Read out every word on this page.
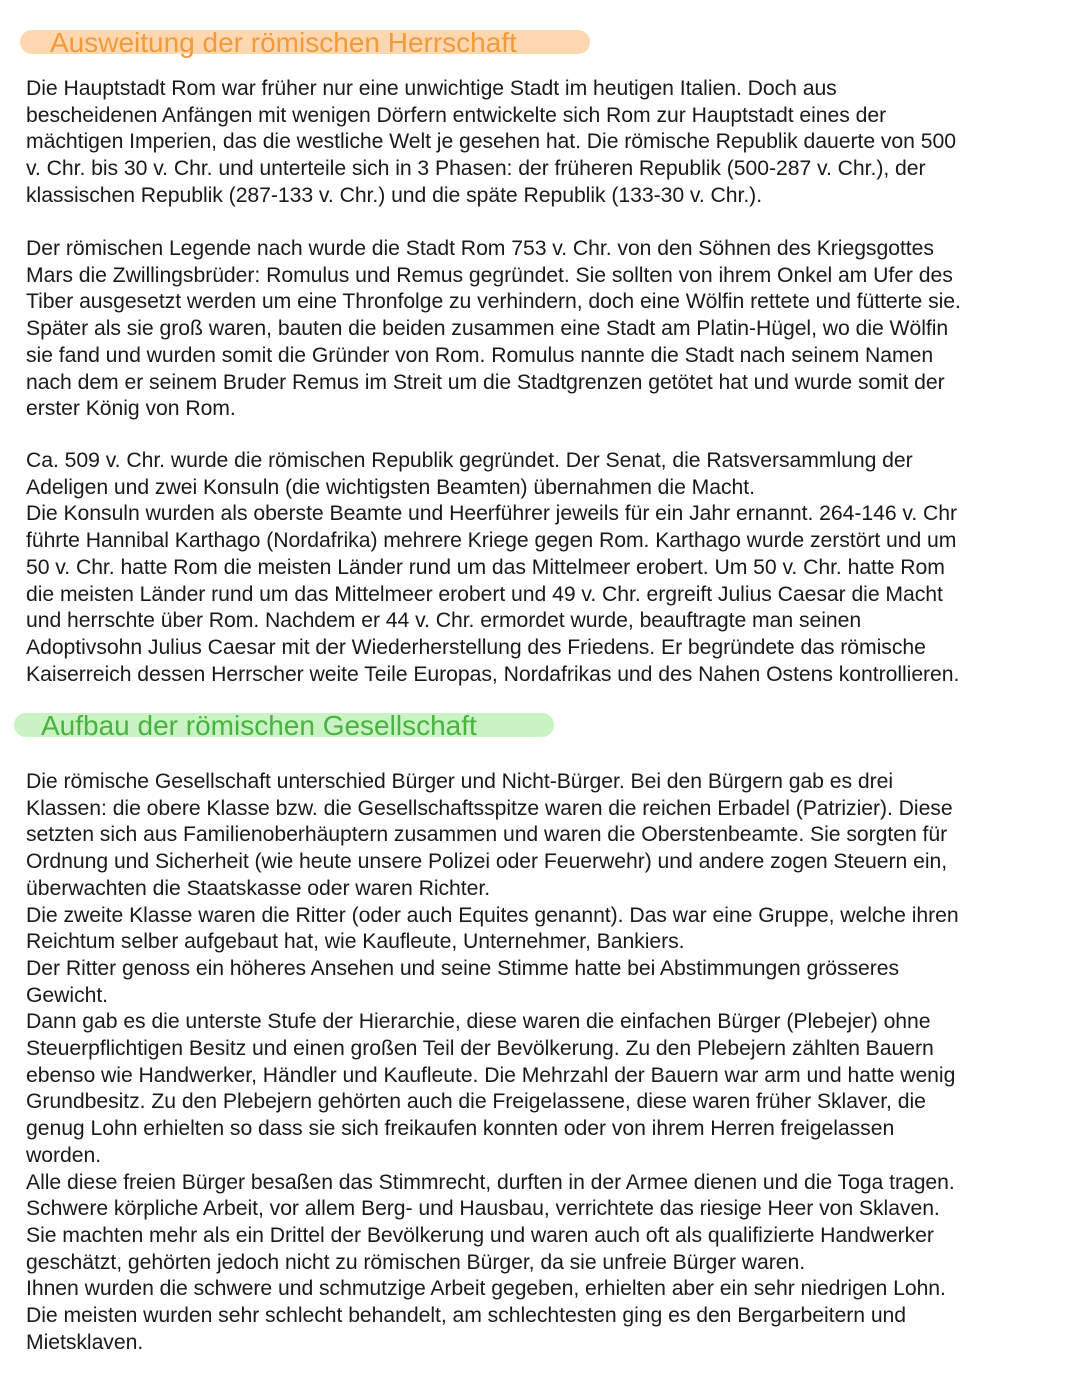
Ausweitung der römischen Herrschaft

Die Hauptstadt Rom war früher nur eine unwichtige Stadt im heutigen Italien. Doch aus
bescheidenen Anfängen mit wenigen Dörfern entwickelte sich Rom zur Hauptstadt eines der
mächtigen Imperien, das die westliche Welt je gesehen hat. Die römische Republik dauerte von 500
v. Chr. bis 30 v. Chr. und unterteile sich in 3 Phasen: der früheren Republik (500-287 v. Chr.), der
klassischen Republik (287-133 v. Chr.) und die späte Republik (133-30 v. Chr.).

Der römischen Legende nach wurde die Stadt Rom 753 v. Chr. von den Söhnen des Kriegsgottes
Mars die Zwillingsbrüder: Romulus und Remus gegründet. Sie sollten von ihrem Onkel am Ufer des
Tiber ausgesetzt werden um eine Thronfolge zu verhindern, doch eine Wölfin rettete und fütterte sie.
Später als sie groß waren, bauten die beiden zusammen eine Stadt am Platin-Hügel, wo die Wölfin
sie fand und wurden somit die Gründer von Rom. Romulus nannte die Stadt nach seinem Namen
nach dem er seinem Bruder Remus im Streit um die Stadtgrenzen getötet hat und wurde somit der
erster König von Rom.

Ca. 509 v. Chr. wurde die römischen Republik gegründet. Der Senat, die Ratsversammlung der
Adeligen und zwei Konsuln (die wichtigsten Beamten) übernahmen die Macht.
Die Konsuln wurden als oberste Beamte und Heerführer jeweils für ein Jahr ernannt. 264-146 v. Chr
führte Hannibal Karthago (Nordafrika) mehrere Kriege gegen Rom. Karthago wurde zerstört und um
50 v. Chr. hatte Rom die meisten Länder rund um das Mittelmeer erobert. Um 50 v. Chr. hatte Rom
die meisten Länder rund um das Mittelmeer erobert und 49 v. Chr. ergreift Julius Caesar die Macht
und herrschte über Rom. Nachdem er 44 v. Chr. ermordet wurde, beauftragte man seinen
Adoptivsohn Julius Caesar mit der Wiederherstellung des Friedens. Er begründete das römische
Kaiserreich dessen Herrscher weite Teile Europas, Nordafrikas und des Nahen Ostens kontrollieren.

Aufbau der römischen Gesellschaft

Die römische Gesellschaft unterschied Bürger und Nicht-Bürger. Bei den Bürgern gab es drei
Klassen: die obere Klasse bzw. die Gesellschaftsspitze waren die reichen Erbadel (Patrizier). Diese
setzten sich aus Familienoberhäuptern zusammen und waren die Oberstenbeamte. Sie sorgten für
Ordnung und Sicherheit (wie heute unsere Polizei oder Feuerwehr) und andere zogen Steuern ein,
überwachten die Staatskasse oder waren Richter.
Die zweite Klasse waren die Ritter (oder auch Equites genannt). Das war eine Gruppe, welche ihren
Reichtum selber aufgebaut hat, wie Kaufleute, Unternehmer, Bankiers.
Der Ritter genoss ein höheres Ansehen und seine Stimme hatte bei Abstimmungen grösseres
Gewicht.
Dann gab es die unterste Stufe der Hierarchie, diese waren die einfachen Bürger (Plebejer) ohne
Steuerpflichtigen Besitz und einen großen Teil der Bevölkerung. Zu den Plebejern zählten Bauern
ebenso wie Handwerker, Händler und Kaufleute. Die Mehrzahl der Bauern war arm und hatte wenig
Grundbesitz. Zu den Plebejern gehörten auch die Freigelassene, diese waren früher Sklaver, die
genug Lohn erhielten so dass sie sich freikaufen konnten oder von ihrem Herren freigelassen
worden.
Alle diese freien Bürger besaßen das Stimmrecht, durften in der Armee dienen und die Toga tragen.
Schwere körpliche Arbeit, vor allem Berg- und Hausbau, verrichtete das riesige Heer von Sklaven.
Sie machten mehr als ein Drittel der Bevölkerung und waren auch oft als qualifizierte Handwerker
geschätzt, gehörten jedoch nicht zu römischen Bürger, da sie unfreie Bürger waren.
Ihnen wurden die schwere und schmutzige Arbeit gegeben, erhielten aber ein sehr niedrigen Lohn.
Die meisten wurden sehr schlecht behandelt, am schlechtesten ging es den Bergarbeitern und
Mietsklaven.
